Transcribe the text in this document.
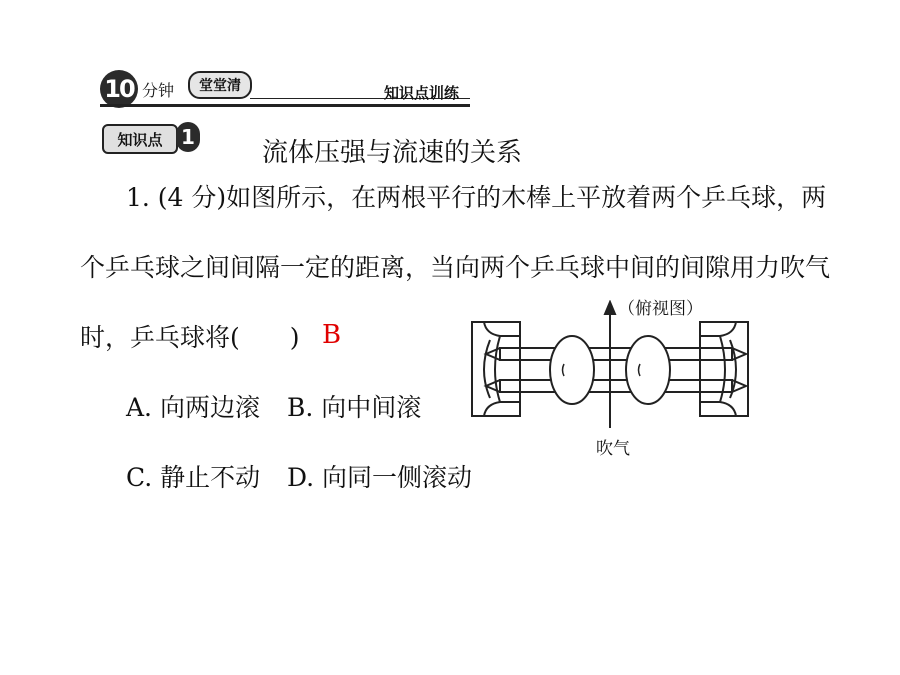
10 分钟	堂堂清	知识点训练
知识点 1
流体压强与流速的关系
1. (4 分)如图所示，在两根平行的木棒上平放着两个乒乓球，两
个乒乓球之间间隔一定的距离，当向两个乒乓球中间的间隙用力吹气
时，乒乓球将(　　) B
A. 向两边滚 B. 向中间滚
C. 静止不动 D. 向同一侧滚动
（俯视图）
吹气
